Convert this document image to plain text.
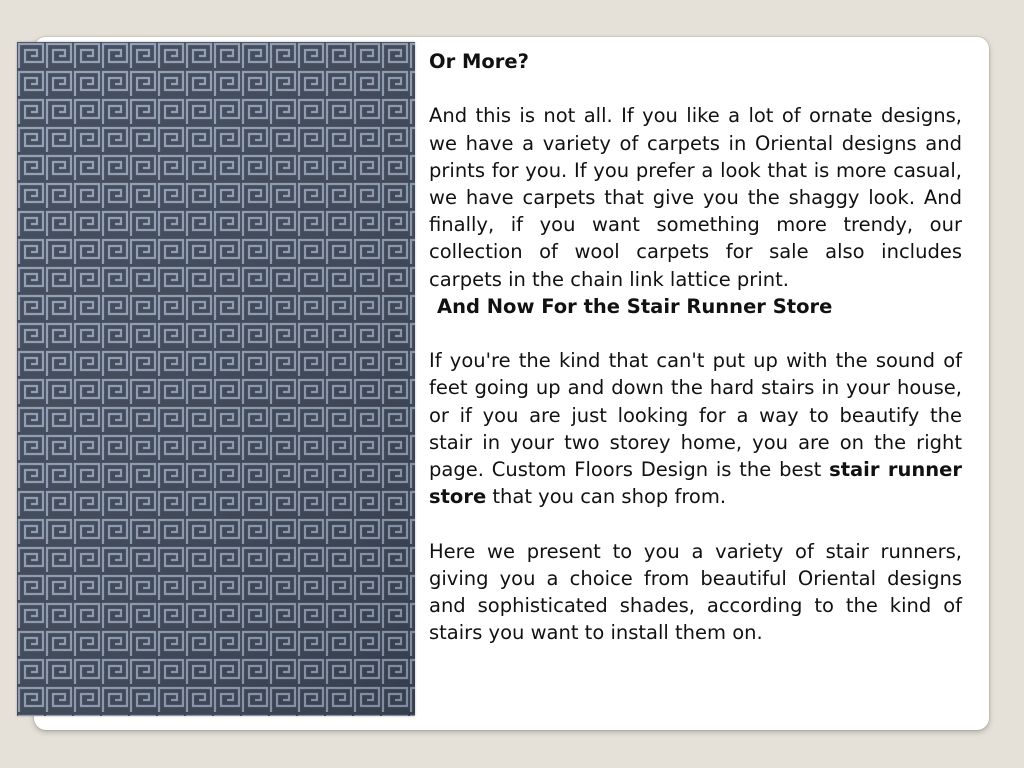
Or More?

And this is not all. If you like a lot of ornate designs, we have a variety of carpets in Oriental designs and prints for you. If you prefer a look that is more casual, we have carpets that give you the shaggy look. And finally, if you want something more trendy, our collection of wool carpets for sale also includes carpets in the chain link lattice print.

And Now For the Stair Runner Store

If you're the kind that can't put up with the sound of feet going up and down the hard stairs in your house, or if you are just looking for a way to beautify the stair in your two storey home, you are on the right page. Custom Floors Design is the best stair runner store that you can shop from.

Here we present to you a variety of stair runners, giving you a choice from beautiful Oriental designs and sophisticated shades, according to the kind of stairs you want to install them on.
